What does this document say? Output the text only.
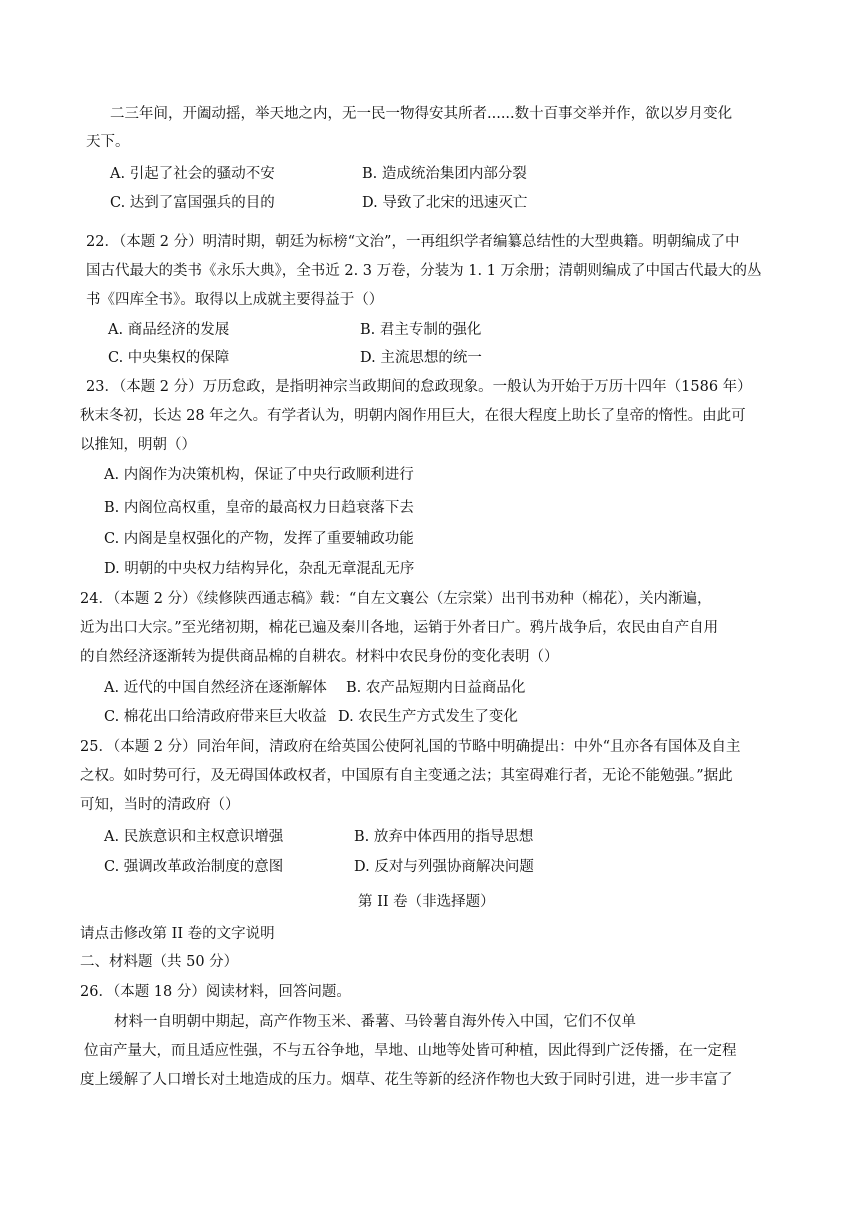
二三年间，开阖动摇，举天地之内，无一民一物得安其所者......数十百事交举并作，欲以岁月变化
天下。
A. 引起了社会的骚动不安	B. 造成统治集团内部分裂
C. 达到了富国强兵的目的	D. 导致了北宋的迅速灭亡
22．（本题 2 分）明清时期，朝廷为标榜“文治”，一再组织学者编纂总结性的大型典籍。明朝编成了中
国古代最大的类书《永乐大典》，全书近 2. 3 万卷，分装为 1. 1 万余册；清朝则编成了中国古代最大的丛
书《四库全书》。取得以上成就主要得益于（）
A. 商品经济的发展	B. 君主专制的强化
C. 中央集权的保障	D. 主流思想的统一
23．（本题 2 分）万历怠政，是指明神宗当政期间的怠政现象。一般认为开始于万历十四年（1586 年）
秋末冬初，长达 28 年之久。有学者认为，明朝内阁作用巨大，在很大程度上助长了皇帝的惰性。由此可
以推知，明朝（）
A. 内阁作为决策机构，保证了中央行政顺利进行
B. 内阁位高权重，皇帝的最高权力日趋衰落下去
C. 内阁是皇权强化的产物，发挥了重要辅政功能
D. 明朝的中央权力结构异化，杂乱无章混乱无序
24．（本题 2 分）《续修陕西通志稿》载：“自左文襄公（左宗棠）出刊书劝种（棉花），关内渐遍，
近为出口大宗。”至光绪初期，棉花已遍及秦川各地，运销于外者日广。鸦片战争后，农民由自产自用
的自然经济逐渐转为提供商品棉的自耕农。材料中农民身份的变化表明（）
A. 近代的中国自然经济在逐渐解体 B. 农产品短期内日益商品化
C. 棉花出口给清政府带来巨大收益 D. 农民生产方式发生了变化
25．（本题 2 分）同治年间，清政府在给英国公使阿礼国的节略中明确提出：中外“且亦各有国体及自主
之权。如时势可行，及无碍国体政权者，中国原有自主变通之法；其室碍难行者，无论不能勉强。”据此
可知，当时的清政府（）
A. 民族意识和主权意识增强	B. 放弃中体西用的指导思想
C. 强调改革政治制度的意图	D. 反对与列强协商解决问题
第 II 卷（非选择题）
请点击修改第 II 卷的文字说明
二、材料题（共 50 分）
26．（本题 18 分）阅读材料，回答问题。
材料一自明朝中期起，高产作物玉米、番薯、马铃薯自海外传入中国，它们不仅单
位亩产量大，而且适应性强，不与五谷争地，旱地、山地等处皆可种植，因此得到广泛传播，在一定程
度上缓解了人口增长对土地造成的压力。烟草、花生等新的经济作物也大致于同时引进，进一步丰富了
